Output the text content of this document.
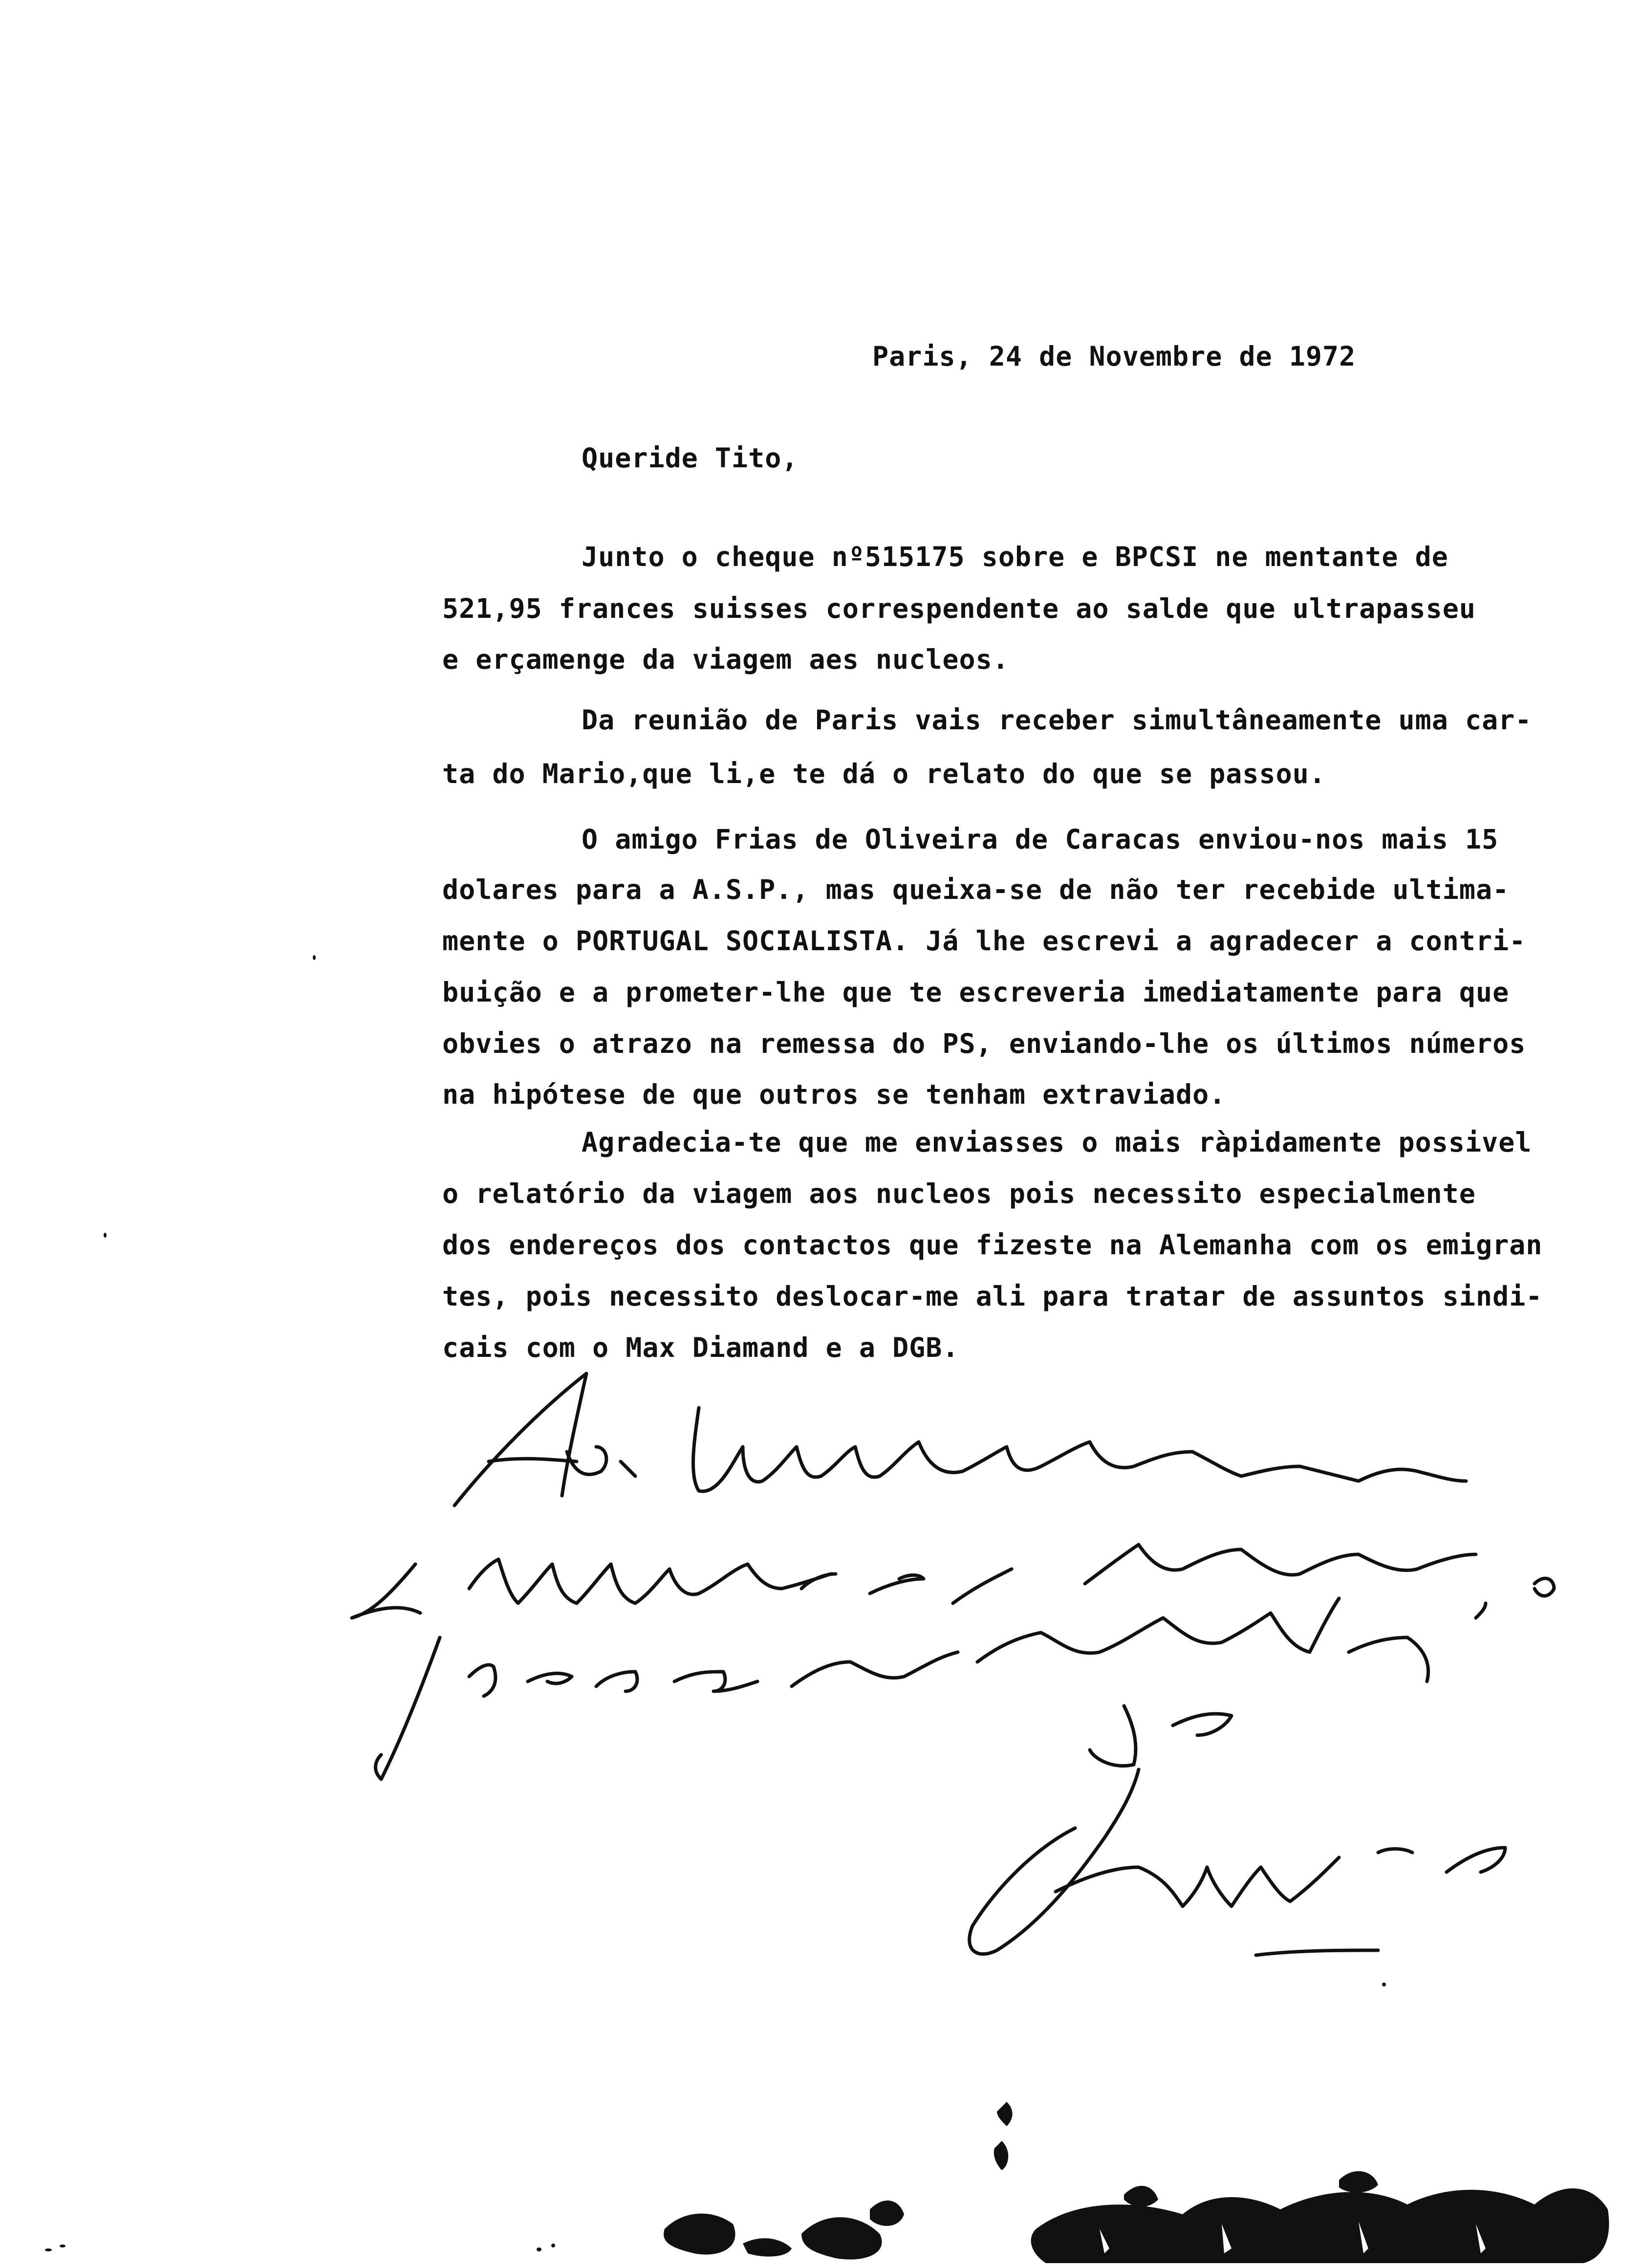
Paris, 24 de Novembre de 1972

Queride Tito,

Junto o cheque nº515175 sobre e BPCSI ne mentante de

521,95 frances suisses correspendente ao salde que ultrapasseu

e erçamenge da viagem aes nucleos.

Da reunião de Paris vais receber simultâneamente uma car-

ta do Mario,que li,e te dá o relato do que se passou.

O amigo Frias de Oliveira de Caracas enviou-nos mais 15

dolares para a A.S.P., mas queixa-se de não ter recebide ultima-

mente o PORTUGAL SOCIALISTA. Já lhe escrevi a agradecer a contri-

buição e a prometer-lhe que te escreveria imediatamente para que

obvies o atrazo na remessa do PS, enviando-lhe os últimos números

na hipótese de que outros se tenham extraviado.

Agradecia-te que me enviasses o mais ràpidamente possivel

o relatório da viagem aos nucleos pois necessito especialmente

dos endereços dos contactos que fizeste na Alemanha com os emigran

tes, pois necessito deslocar-me ali para tratar de assuntos sindi-

cais com o Max Diamand e a DGB.
